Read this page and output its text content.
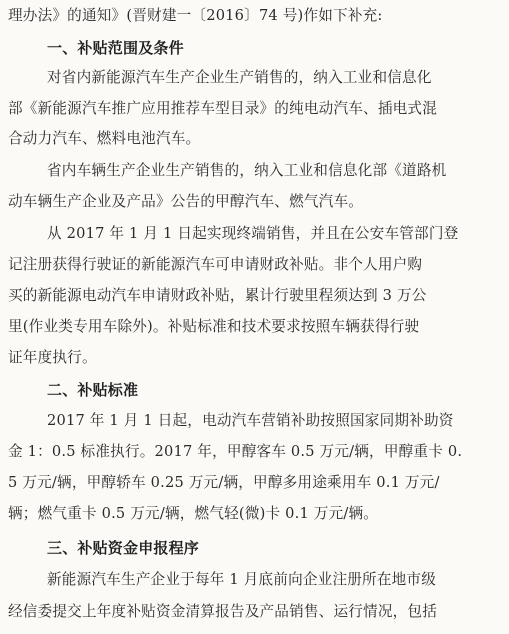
理办法》的通知》(晋财建一〔2016〕74 号)作如下补充:
一、补贴范围及条件
对省内新能源汽车生产企业生产销售的，纳入工业和信息化
部《新能源汽车推广应用推荐车型目录》的纯电动汽车、插电式混
合动力汽车、燃料电池汽车。
省内车辆生产企业生产销售的，纳入工业和信息化部《道路机
动车辆生产企业及产品》公告的甲醇汽车、燃气汽车。
从 2017 年 1 月 1 日起实现终端销售，并且在公安车管部门登
记注册获得行驶证的新能源汽车可申请财政补贴。非个人用户购
买的新能源电动汽车申请财政补贴，累计行驶里程须达到 3 万公
里(作业类专用车除外)。补贴标准和技术要求按照车辆获得行驶
证年度执行。
二、补贴标准
2017 年 1 月 1 日起，电动汽车营销补助按照国家同期补助资
金 1：0.5 标准执行。2017 年，甲醇客车 0.5 万元/辆，甲醇重卡 0.
5 万元/辆，甲醇轿车 0.25 万元/辆，甲醇多用途乘用车 0.1 万元/
辆；燃气重卡 0.5 万元/辆，燃气轻(微)卡 0.1 万元/辆。
三、补贴资金申报程序
新能源汽车生产企业于每年 1 月底前向企业注册所在地市级
经信委提交上年度补贴资金清算报告及产品销售、运行情况，包括
